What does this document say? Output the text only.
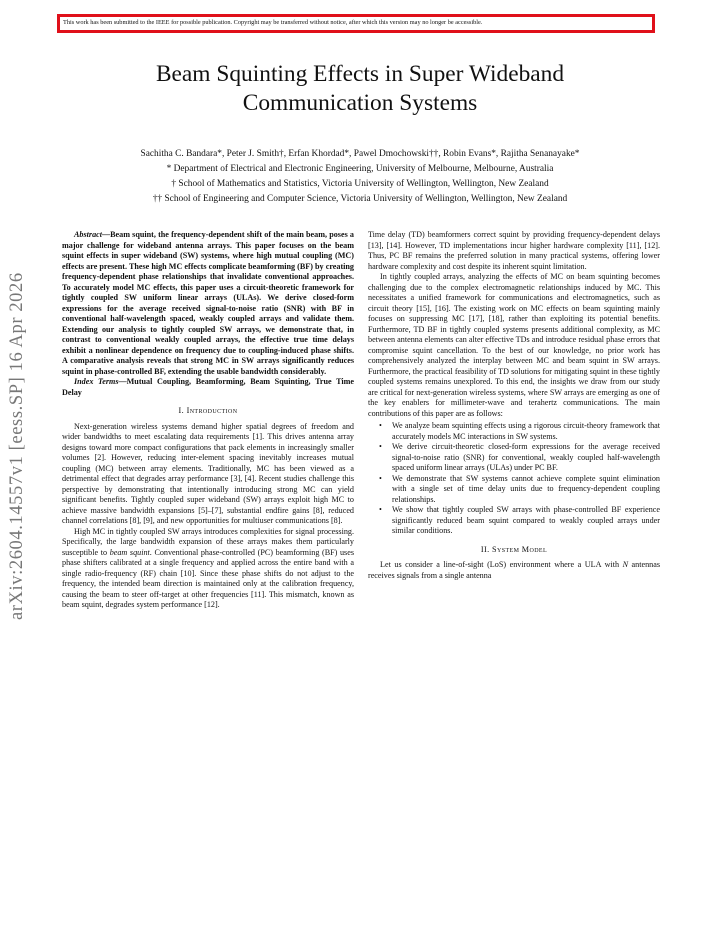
This work has been submitted to the IEEE for possible publication. Copyright may be transferred without notice, after which this version may no longer be accessible.
arXiv:2604.14557v1 [eess.SP] 16 Apr 2026
Beam Squinting Effects in Super Wideband
Communication Systems
Sachitha C. Bandara*, Peter J. Smith†, Erfan Khordad*, Pawel Dmochowski††, Robin Evans*, Rajitha Senanayake*
* Department of Electrical and Electronic Engineering, University of Melbourne, Melbourne, Australia
† School of Mathematics and Statistics, Victoria University of Wellington, Wellington, New Zealand
†† School of Engineering and Computer Science, Victoria University of Wellington, Wellington, New Zealand

Abstract—Beam squint, the frequency-dependent shift of the main beam, poses a major challenge for wideband antenna arrays. This paper focuses on the beam squint effects in super wideband (SW) systems, where high mutual coupling (MC) effects are present. These high MC effects complicate beamforming (BF) by creating frequency-dependent phase relationships that invalidate conventional approaches. To accurately model MC effects, this paper uses a circuit-theoretic framework for tightly coupled SW uniform linear arrays (ULAs). We derive closed-form expressions for the average received signal-to-noise ratio (SNR) with BF in conventional half-wavelength spaced, weakly coupled arrays and validate them. Extending our analysis to tightly coupled SW arrays, we demonstrate that, in contrast to conventional weakly coupled arrays, the effective true time delays exhibit a nonlinear dependence on frequency due to coupling-induced phase shifts. A comparative analysis reveals that strong MC in SW arrays significantly reduces squint in phase-controlled BF, extending the usable bandwidth considerably.

Index Terms—Mutual Coupling, Beamforming, Beam Squinting, True Time Delay

I. Introduction

Next-generation wireless systems demand higher spatial degrees of freedom and wider bandwidths to meet escalating data requirements [1]. This drives antenna array designs toward more compact configurations that pack elements in increasingly smaller volumes [2]. However, reducing inter-element spacing inevitably increases mutual coupling (MC) between array elements. Traditionally, MC has been viewed as a detrimental effect that degrades array performance [3], [4]. Recent studies challenge this perspective by demonstrating that intentionally introducing strong MC can yield significant benefits. Tightly coupled super wideband (SW) arrays exploit high MC to achieve massive bandwidth expansions [5]–[7], substantial endfire gains [8], reduced channel correlations [8], [9], and new opportunities for multiuser communications [8].

High MC in tightly coupled SW arrays introduces complexities for signal processing. Specifically, the large bandwidth expansion of these arrays makes them particularly susceptible to beam squint. Conventional phase-controlled (PC) beamforming (BF) uses phase shifters calibrated at a single frequency and applied across the entire band with a single radio-frequency (RF) chain [10]. Since these phase shifts do not adjust to the frequency, the intended beam direction is maintained only at the calibration frequency, causing the beam to steer off-target at other frequencies [11]. This mismatch, known as beam squint, degrades system performance [12].

Time delay (TD) beamformers correct squint by providing frequency-dependent delays [13], [14]. However, TD implementations incur higher hardware complexity [11], [12]. Thus, PC BF remains the preferred solution in many practical systems, offering lower hardware complexity and cost despite its inherent squint limitation.

In tightly coupled arrays, analyzing the effects of MC on beam squinting becomes challenging due to the complex electromagnetic relationships induced by MC. This necessitates a unified framework for communications and electromagnetics, such as circuit theory [15], [16]. The existing work on MC effects on beam squinting mainly focuses on suppressing MC [17], [18], rather than exploiting its potential benefits. Furthermore, TD BF in tightly coupled systems presents additional complexity, as MC between antenna elements can alter effective TDs and introduce residual phase errors that compromise squint cancellation. To the best of our knowledge, no prior work has comprehensively analyzed the interplay between MC and beam squint in SW arrays. Furthermore, the practical feasibility of TD solutions for mitigating squint in these tightly coupled systems remains unexplored. To this end, the insights we draw from our study are critical for next-generation wireless systems, where SW arrays are emerging as one of the key enablers for millimeter-wave and terahertz communications. The main contributions of this paper are as follows:

• We analyze beam squinting effects using a rigorous circuit-theory framework that accurately models MC interactions in SW systems.
• We derive circuit-theoretic closed-form expressions for the average received signal-to-noise ratio (SNR) for conventional, weakly coupled half-wavelength spaced uniform linear arrays (ULAs) under PC BF.
• We demonstrate that SW systems cannot achieve complete squint elimination with a single set of time delay units due to frequency-dependent coupling relationships.
• We show that tightly coupled SW arrays with phase-controlled BF experience significantly reduced beam squint compared to weakly coupled arrays under similar conditions.
II. System Model

Let us consider a line-of-sight (LoS) environment where a ULA with N antennas receives signals from a single antenna
